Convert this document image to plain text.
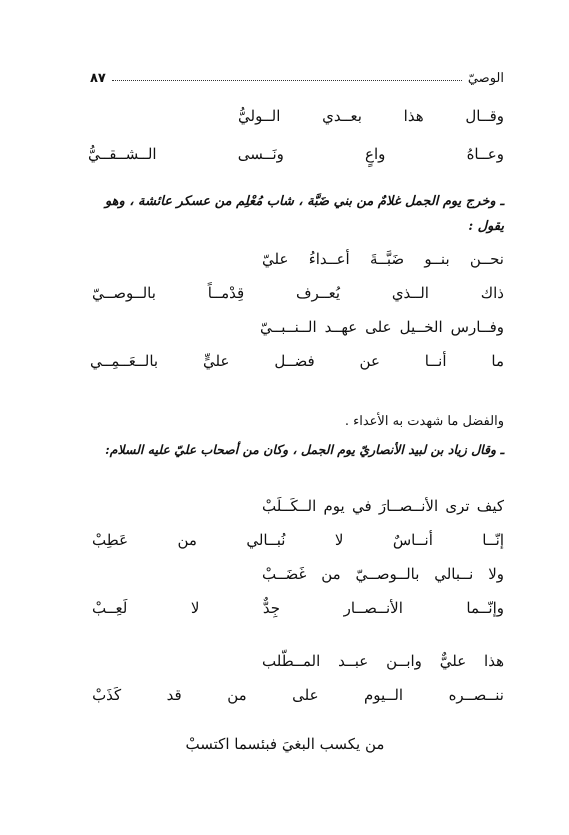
الوصيّ
٨٧
وقــال
هذا
بعــدي
الــوليُّ
وعــاهُ
واعٍ
ونَــسى
الــشــقــيُّ
ـ وخرج يوم الجمل غلامٌ من بني ضَبَّة ، شاب مُعْلِم من عسكر عائشة ، وهو
يقول :
نحــن
بنــو
ضَبَّــةَ
أعــداءُ
عليّ
ذاك
الــذي
يُعــرف
قِدْمــاً
بالــوصــيّ
وفــارس
الخــيل
على
عهــد
الــنــبــيّ
ما
أنــا
عن
فضــل
عليٍّ
بالــعَــمِــي
والفضل ما شهدت به الأعداء .
ـ وقال زياد بن لبيد الأنصاريّ يوم الجمل ، وكان من أصحاب عليّ عليه السلام:
كيف
ترى
الأنــصــارَ
في
يوم
الــكَــلَبْ
إنّــا
أنــاسٌ
لا
نُبــالي
من
عَطِبْ
ولا
نــبالي
بالــوصــيّ
من
غَضَــبْ
وإنّــما
الأنــصــار
جِدٌّ
لا
لَعِــبْ
هذا
عليٌّ
وابــن
عبــد
المــطّلب
ننــصــره
الــيوم
على
من
قد
كَذَبْ
من يكسب البغيَ فبئسما اكتسبْ
